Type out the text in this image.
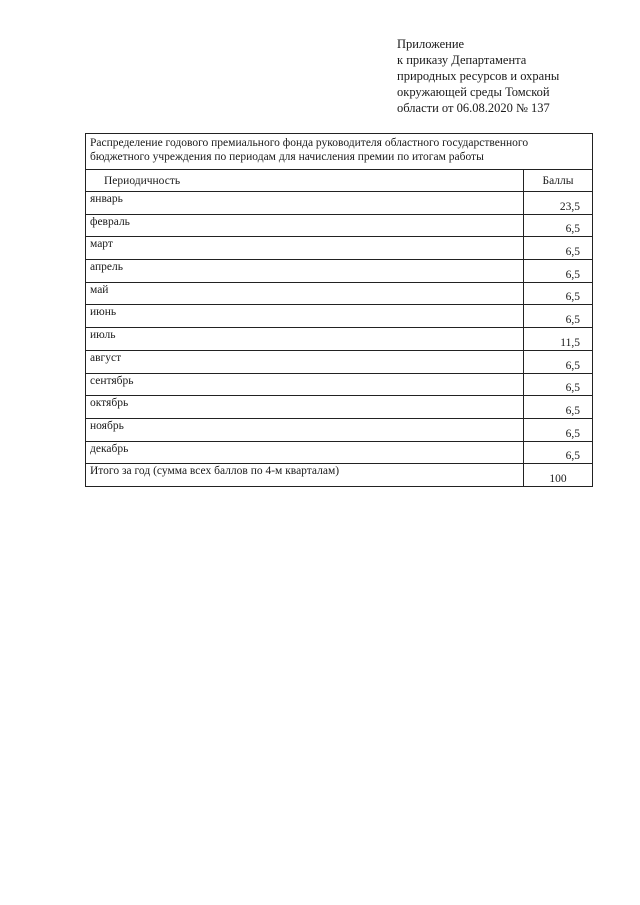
Приложение
к приказу Департамента
природных ресурсов и охраны
окружающей среды Томской
области от 06.08.2020 № 137
Распределение годового премиального фонда руководителя областного государственного бюджетного учреждения по периодам для начисления премии по итогам работы	
Периодичность	Баллы
январь	23,5
февраль	6,5
март	6,5
апрель	6,5
май	6,5
июнь	6,5
июль	11,5
август	6,5
сентябрь	6,5
октябрь	6,5
ноябрь	6,5
декабрь	6,5
Итого за год (сумма всех баллов по 4-м кварталам)	100
